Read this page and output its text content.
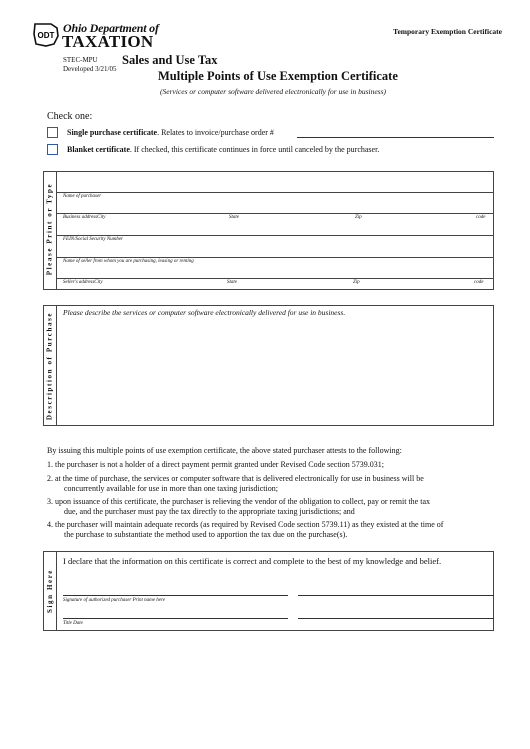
ODT
Ohio Department of
TAXATION
Temporary Exemption Certificate
STEC-MPU
Developed 3/21/05
Sales and Use Tax
Multiple Points of Use Exemption Certificate
(Services or computer software delivered electronically for use in business)
Check one:
Single purchase certificate. Relates to invoice/purchase order #
Blanket certificate. If checked, this certificate continues in force until canceled by the purchaser.
Please Print or Type Name of purchaser
Business addressCity	State	Zip	code
FEIN/Social Security Number
Name of seller from whom you are purchasing, leasing or renting
Seller's addressCity	State	Zip	code
Description of Purchase Please describe the services or computer software electronically delivered for use in business.
By issuing this multiple points of use exemption certificate, the above stated purchaser attests to the following:
1. the purchaser is not a holder of a direct payment permit granted under Revised Code section 5739.031;
2. at the time of purchase, the services or computer software that is delivered electronically for use in business will be
concurrently available for use in more than one taxing jurisdiction;
3. upon issuance of this certificate, the purchaser is relieving the vendor of the obligation to collect, pay or remit the tax
due, and the purchaser must pay the tax directly to the appropriate taxing jurisdictions; and
4. the purchaser will maintain adequate records (as required by Revised Code section 5739.11) as they existed at the time of
the purchase to substantiate the method used to apportion the tax due on the purchase(s).
Sign Here
I declare that the information on this certificate is correct and complete to the best of my knowledge and belief.
Signature of authorized purchaser Print name here
Title Date
